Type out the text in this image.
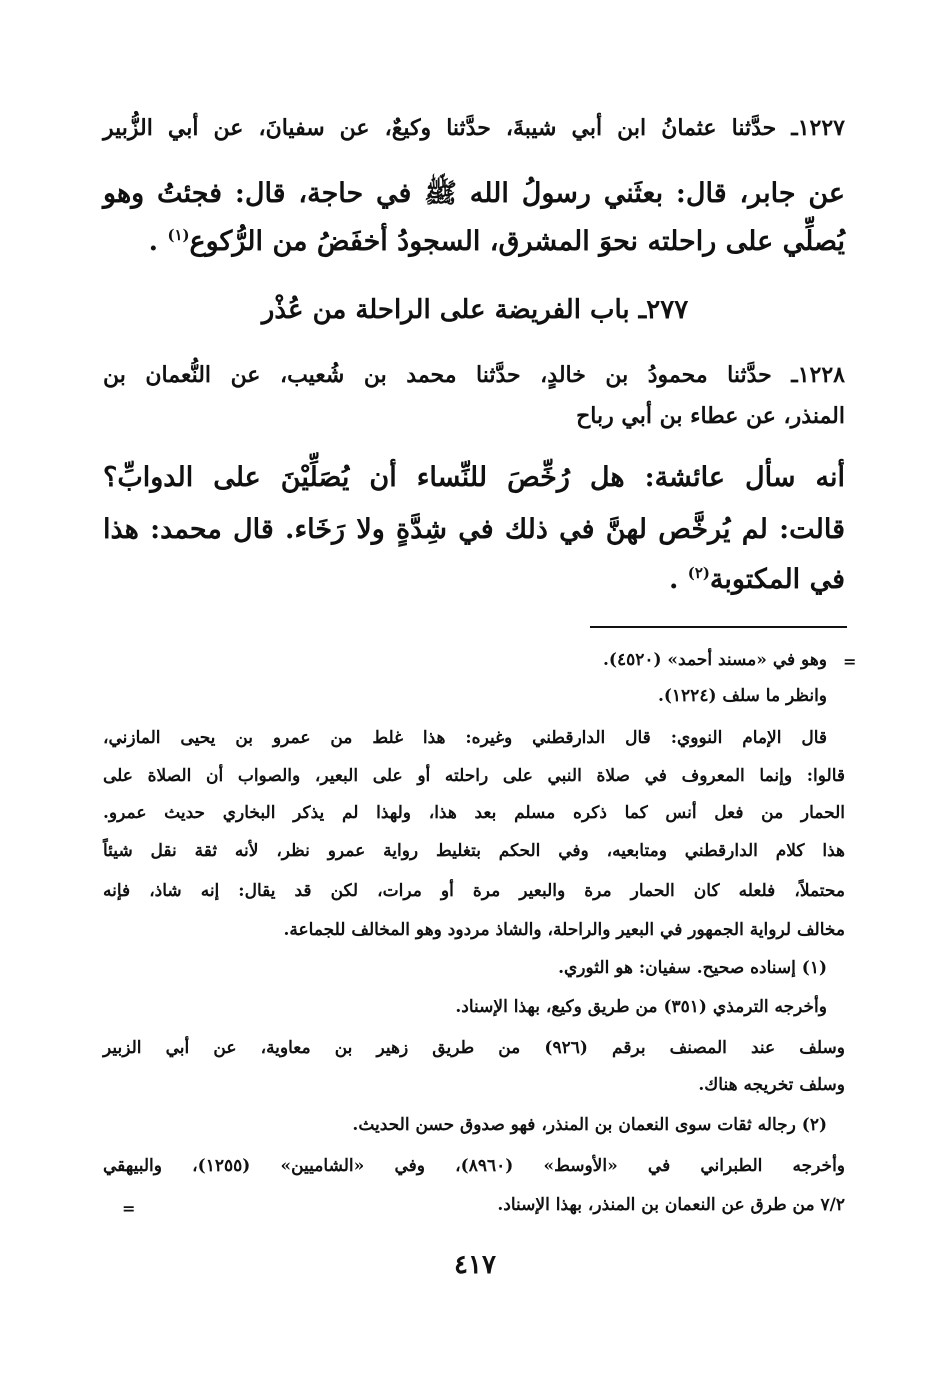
١٢٢٧ـ حدَّثنا عثمانُ ابن أبي شيبةَ، حدَّثنا وكيعٌ، عن سفيانَ، عن أبي الزُّبير
عن جابر، قال: بعثَني رسولُ الله ﷺ في حاجة، قال: فجئتُ وهو
يُصلِّي على راحلته نحوَ المشرق، السجودُ أخفَضُ من الرُّكوع$^{(١)}$ .
٢٧٧ـ باب الفريضة على الراحلة من عُذْر
١٢٢٨ـ حدَّثنا محمودُ بن خالدٍ، حدَّثنا محمد بن شُعيب، عن النُّعمان بن
المنذر، عن عطاء بن أبي رباح
أنه سأل عائشة: هل رُخِّصَ للنِّساء أن يُصَلِّيْنَ على الدوابِّ؟
قالت: لم يُرخَّص لهنَّ في ذلك في شِدَّةٍ ولا رَخَاء. قال محمد: هذا
في المكتوبة$^{(٢)}$ .
=
وهو في «مسند أحمد» (٤٥٢٠).
وانظر ما سلف (١٢٢٤).
قال الإمام النووي: قال الدارقطني وغيره: هذا غلط من عمرو بن يحيى المازني،
قالوا: وإنما المعروف في صلاة النبي على راحلته أو على البعير، والصواب أن الصلاة على
الحمار من فعل أنس كما ذكره مسلم بعد هذا، ولهذا لم يذكر البخاري حديث عمرو.
هذا كلام الدارقطني ومتابعيه، وفي الحكم بتغليط رواية عمرو نظر، لأنه ثقة نقل شيئاً
محتملاً، فلعله كان الحمار مرة والبعير مرة أو مرات، لكن قد يقال: إنه شاذ، فإنه
مخالف لرواية الجمهور في البعير والراحلة، والشاذ مردود وهو المخالف للجماعة.
(١) إسناده صحيح. سفيان: هو الثوري.
وأخرجه الترمذي (٣٥١) من طريق وكيع، بهذا الإسناد.
وسلف عند المصنف برقم (٩٢٦) من طريق زهير بن معاوية، عن أبي الزبير
وسلف تخريجه هناك.
(٢) رجاله ثقات سوى النعمان بن المنذر، فهو صدوق حسن الحديث.
وأخرجه الطبراني في «الأوسط» (٨٩٦٠)، وفي «الشاميين» (١٢٥٥)، والبيهقي
٧/٢ من طرق عن النعمان بن المنذر، بهذا الإسناد.
=
٤١٧
